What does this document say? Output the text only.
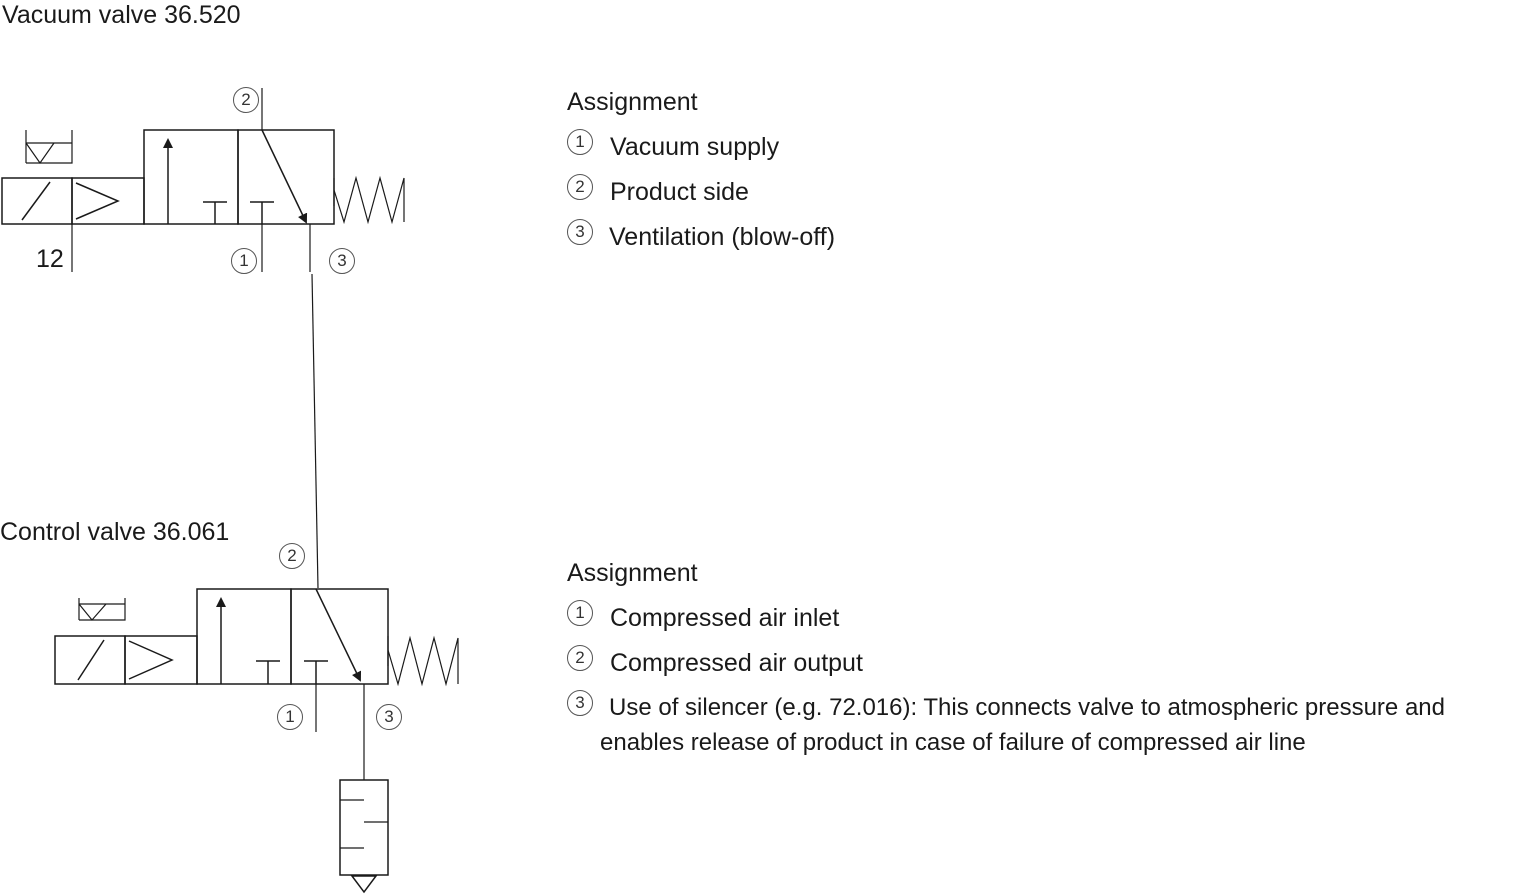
Vacuum valve 36.520
12
2
1	3
Control valve 36.061
2
1	3
Assignment
1	Vacuum supply
2	Product side
3 Ventilation (blow-off)
Assignment
1	Compressed air inlet
2	Compressed air output
3	Use of silencer (e.g. 72.016): This connects valve to atmospheric pressure and
enables release of product in case of failure of compressed air line
